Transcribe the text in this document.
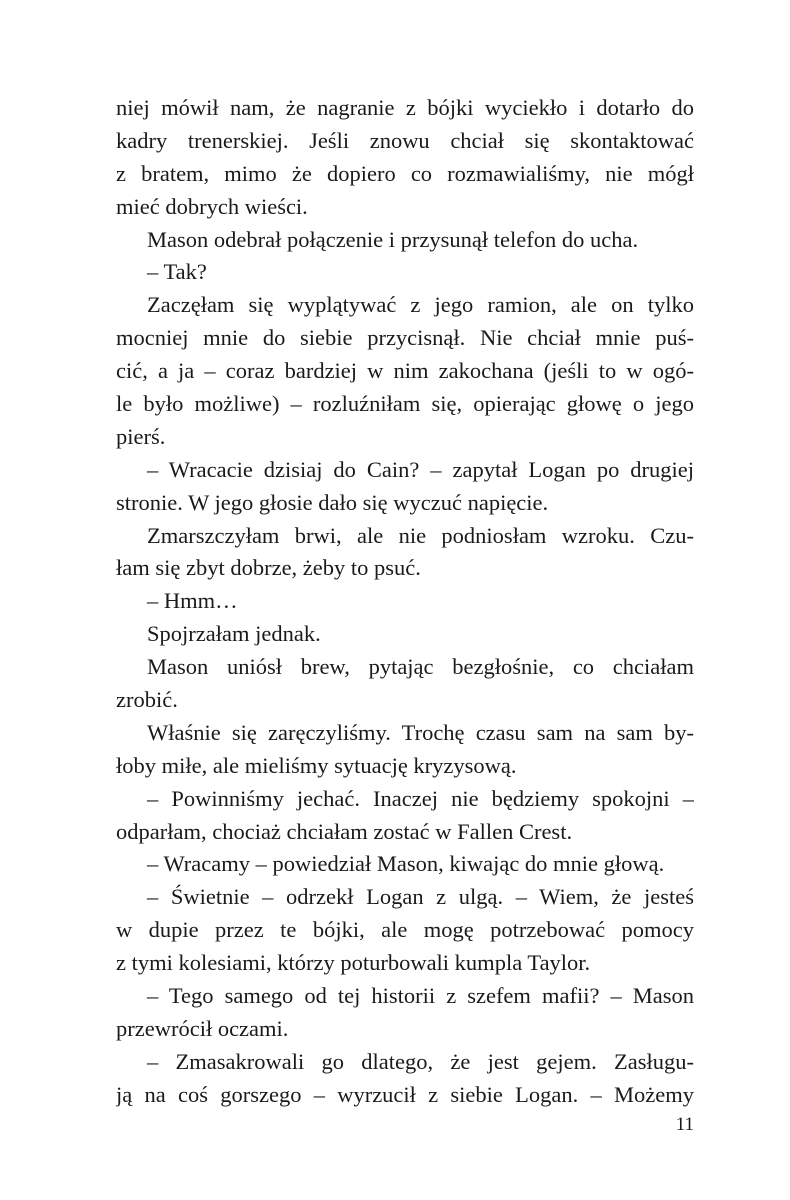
niej mówił nam, że nagranie z bójki wyciekło i dotarło do
kadry trenerskiej. Jeśli znowu chciał się skontaktować
z bratem, mimo że dopiero co rozmawialiśmy, nie mógł
mieć dobrych wieści.
Mason odebrał połączenie i przysunął telefon do ucha.
– Tak?
Zaczęłam się wyplątywać z jego ramion, ale on tylko
mocniej mnie do siebie przycisnął. Nie chciał mnie puś-
cić, a ja – coraz bardziej w nim zakochana (jeśli to w ogó-
le było możliwe) – rozluźniłam się, opierając głowę o jego
pierś.
– Wracacie dzisiaj do Cain? – zapytał Logan po drugiej
stronie. W jego głosie dało się wyczuć napięcie.
Zmarszczyłam brwi, ale nie podniosłam wzroku. Czu-
łam się zbyt dobrze, żeby to psuć.
– Hmm…
Spojrzałam jednak.
Mason uniósł brew, pytając bezgłośnie, co chciałam
zrobić.
Właśnie się zaręczyliśmy. Trochę czasu sam na sam by-
łoby miłe, ale mieliśmy sytuację kryzysową.
– Powinniśmy jechać. Inaczej nie będziemy spokojni –
odparłam, chociaż chciałam zostać w Fallen Crest.
– Wracamy – powiedział Mason, kiwając do mnie głową.
– Świetnie – odrzekł Logan z ulgą. – Wiem, że jesteś
w dupie przez te bójki, ale mogę potrzebować pomocy
z tymi kolesiami, którzy poturbowali kumpla Taylor.
– Tego samego od tej historii z szefem mafii? – Mason
przewrócił oczami.
– Zmasakrowali go dlatego, że jest gejem. Zasługu-
ją na coś gorszego – wyrzucił z siebie Logan. – Możemy
11
